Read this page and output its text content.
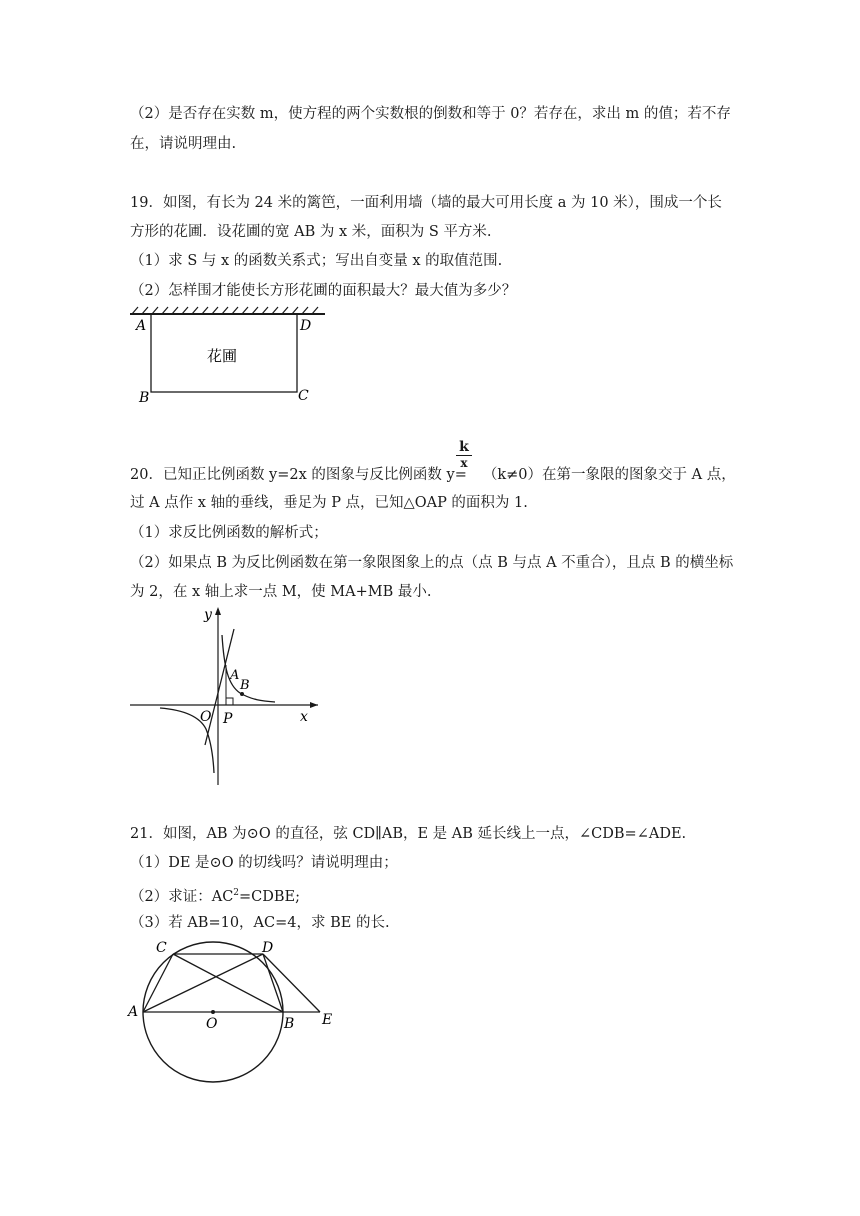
（2）是否存在实数 m，使方程的两个实数根的倒数和等于 0？若存在，求出 m 的值；若不存
在，请说明理由.
19．如图，有长为 24 米的篱笆，一面利用墙（墙的最大可用长度 a 为 10 米），围成一个长
方形的花圃．设花圃的宽 AB 为 x 米，面积为 S 平方米.
（1）求 S 与 x 的函数关系式；写出自变量 x 的取值范围.
（2）怎样围才能使长方形花圃的面积最大？最大值为多少？
A	D
B	C
花圃
20．已知正比例函数 y=2x 的图象与反比例函数 y= （k≠0）在第一象限的图象交于 A 点，
$\frac{k}{x}$
过 A 点作 x 轴的垂线，垂足为 P 点，已知△OAP 的面积为 1.
（1）求反比例函数的解析式；
（2）如果点 B 为反比例函数在第一象限图象上的点（点 B 与点 A 不重合），且点 B 的横坐标
为 2，在 x 轴上求一点 M，使 MA+MB 最小.
y
x
O P
A
B
21．如图，AB 为⊙O 的直径，弦 CD∥AB，E 是 AB 延长线上一点，∠CDB=∠ADE.
（1）DE 是⊙O 的切线吗？请说明理由；
（2）求证：$AC^2=CDBE$;
（3）若 AB=10，AC=4，求 BE 的长.
C	D
A
O	B E
